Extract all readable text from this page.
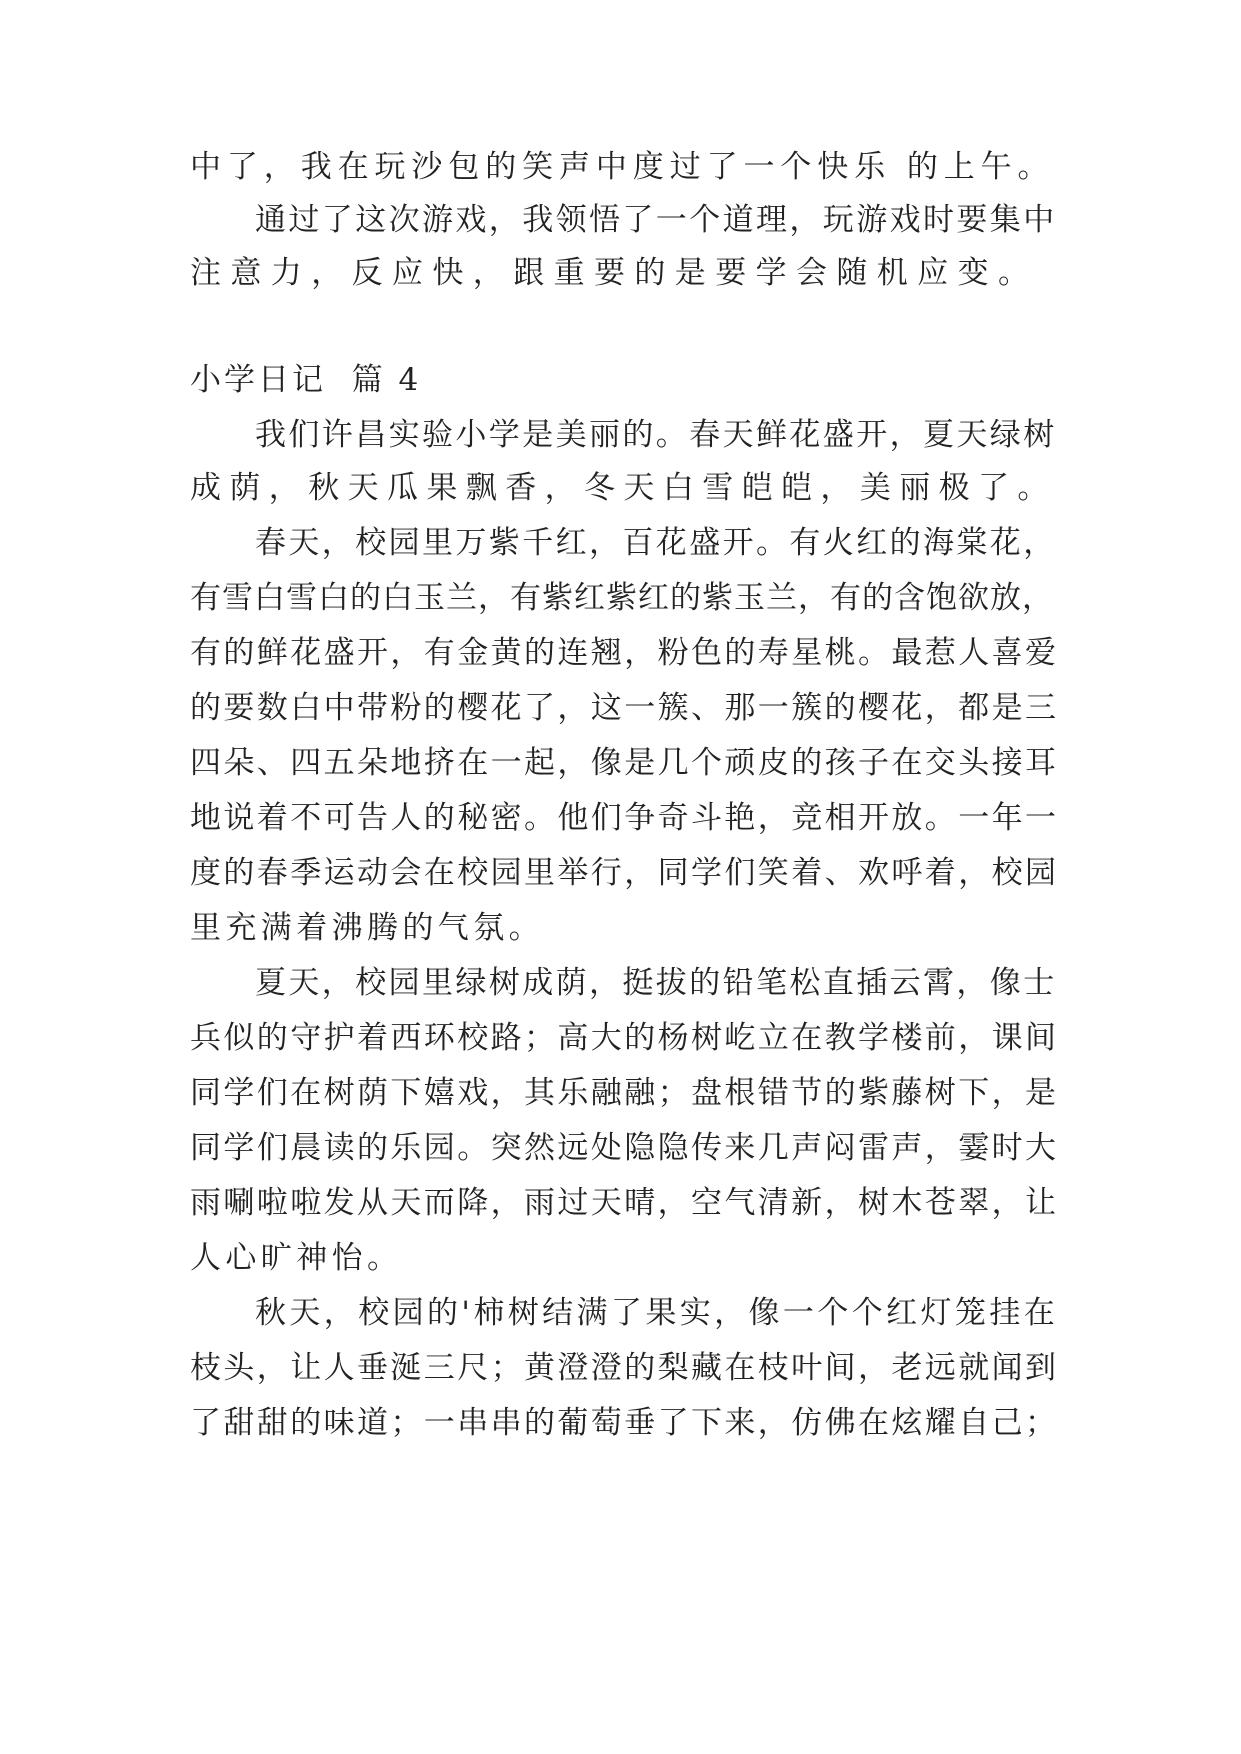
中了，我在玩沙包的笑声中度过了一个快乐 的上午。
通过了这次游戏，我领悟了一个道理，玩游戏时要集中
注意力，反应快，跟重要的是要学会随机应变。
小学日记  篇 4
我们许昌实验小学是美丽的。春天鲜花盛开，夏天绿树
成荫，秋天瓜果飘香，冬天白雪皑皑，美丽极了。
春天，校园里万紫千红，百花盛开。有火红的海棠花，
有雪白雪白的白玉兰，有紫红紫红的紫玉兰，有的含饱欲放，
有的鲜花盛开，有金黄的连翘，粉色的寿星桃。最惹人喜爱
的要数白中带粉的樱花了，这一簇、那一簇的樱花，都是三
四朵、四五朵地挤在一起，像是几个顽皮的孩子在交头接耳
地说着不可告人的秘密。他们争奇斗艳，竞相开放。一年一
度的春季运动会在校园里举行，同学们笑着、欢呼着，校园
里充满着沸腾的气氛。
夏天，校园里绿树成荫，挺拔的铅笔松直插云霄，像士
兵似的守护着西环校路；高大的杨树屹立在教学楼前，课间
同学们在树荫下嬉戏，其乐融融；盘根错节的紫藤树下，是
同学们晨读的乐园。突然远处隐隐传来几声闷雷声，霎时大
雨唰啦啦发从天而降，雨过天晴，空气清新，树木苍翠，让
人心旷神怡。
秋天，校园的'柿树结满了果实，像一个个红灯笼挂在
枝头，让人垂涎三尺；黄澄澄的梨藏在枝叶间，老远就闻到
了甜甜的味道；一串串的葡萄垂了下来，仿佛在炫耀自己；
